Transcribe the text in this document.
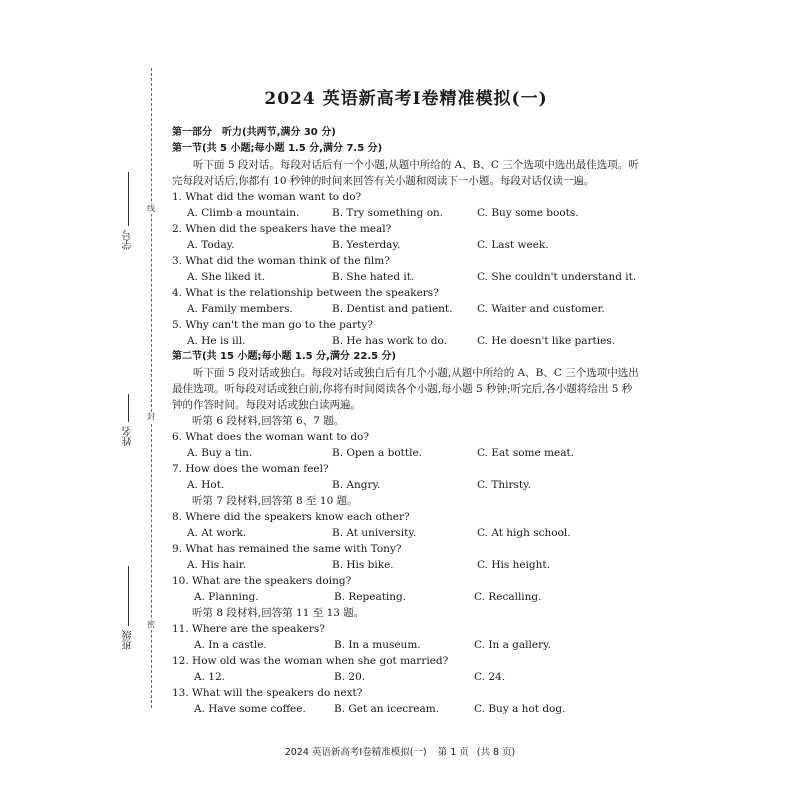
线
封
密
学号
姓名
班级
2024 英语新高考Ⅰ卷精准模拟(一)
第一部分　听力(共两节,满分 30 分)
第一节(共 5 小题;每小题 1.5 分,满分 7.5 分)

听下面 5 段对话。每段对话后有一个小题,从题中所给的 A、B、C 三个选项中选出最佳选项。听完每段对话后,你都有 10 秒钟的时间来回答有关小题和阅读下一小题。每段对话仅读一遍。

1. What did the woman want to do?
A. Climb a mountain.	B. Try something on.	C. Buy some boots.
2. When did the speakers have the meal?
A. Today.	B. Yesterday.	C. Last week.
3. What did the woman think of the film?
A. She liked it.	B. She hated it.	C. She couldn't understand it.
4. What is the relationship between the speakers?
A. Family members.	B. Dentist and patient.	C. Waiter and customer.
5. Why can't the man go to the party?
A. He is ill.	B. He has work to do.	C. He doesn't like parties.
第二节(共 15 小题;每小题 1.5 分,满分 22.5 分)

听下面 5 段对话或独白。每段对话或独白后有几个小题,从题中所给的 A、B、C 三个选项中选出最佳选项。听每段对话或独白前,你将有时间阅读各个小题,每小题 5 秒钟;听完后,各小题将给出 5 秒钟的作答时间。每段对话或独白读两遍。

听第 6 段材料,回答第 6、7 题。
6. What does the woman want to do?
A. Buy a tin.	B. Open a bottle.	C. Eat some meat.
7. How does the woman feel?
A. Hot.	B. Angry.	C. Thirsty.
听第 7 段材料,回答第 8 至 10 题。
8. Where did the speakers know each other?
A. At work.	B. At university.	C. At high school.
9. What has remained the same with Tony?
A. His hair.	B. His bike.	C. His height.
10. What are the speakers doing?
A. Planning.	B. Repeating.	C. Recalling.
听第 8 段材料,回答第 11 至 13 题。
11. Where are the speakers?
A. In a castle.	B. In a museum.	C. In a gallery.
12. How old was the woman when she got married?
A. 12.	B. 20.	C. 24.
13. What will the speakers do next?
A. Have some coffee.	B. Get an icecream.	C. Buy a hot dog.
2024 英语新高考Ⅰ卷精准模拟(一) 第 1 页 (共 8 页)
